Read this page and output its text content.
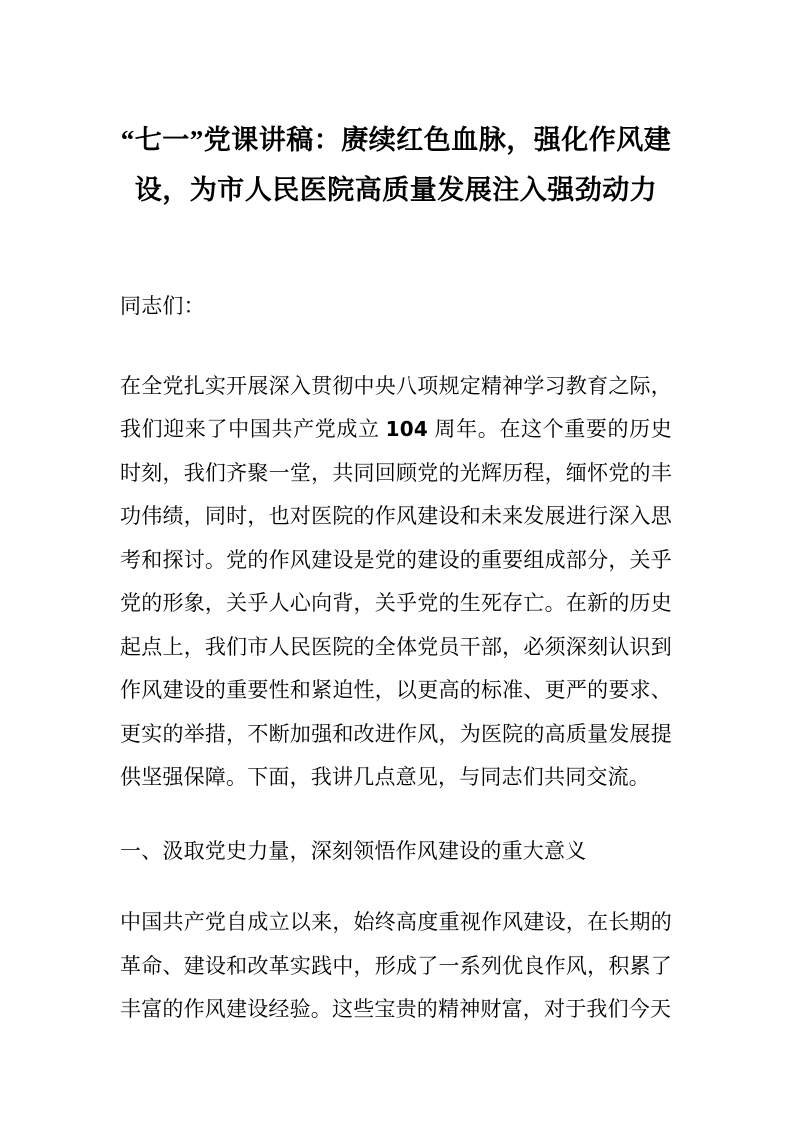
“七一”党课讲稿：赓续红色血脉，强化作风建
设，为市人民医院高质量发展注入强劲动力

同志们：

在全党扎实开展深入贯彻中央八项规定精神学习教育之际，我们迎来了中国共产党成立 104 周年。在这个重要的历史时刻，我们齐聚一堂，共同回顾党的光辉历程，缅怀党的丰功伟绩，同时，也对医院的作风建设和未来发展进行深入思考和探讨。党的作风建设是党的建设的重要组成部分，关乎党的形象，关乎人心向背，关乎党的生死存亡。在新的历史起点上，我们市人民医院的全体党员干部，必须深刻认识到作风建设的重要性和紧迫性，以更高的标准、更严的要求、更实的举措，不断加强和改进作风，为医院的高质量发展提供坚强保障。下面，我讲几点意见，与同志们共同交流。

一、汲取党史力量，深刻领悟作风建设的重大意义

中国共产党自成立以来，始终高度重视作风建设，在长期的革命、建设和改革实践中，形成了一系列优良作风，积累了丰富的作风建设经验。这些宝贵的精神财富，对于我们今天
